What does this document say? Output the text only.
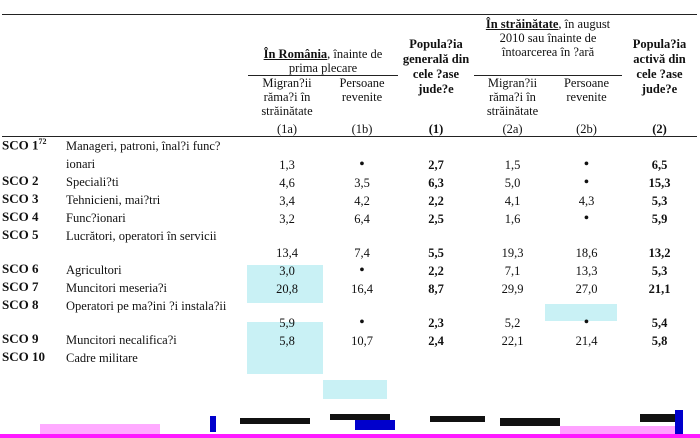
		În România, înainte de prima plecare		Popula?ia generală din cele ?ase jude?e	În străinătate, în august 2010 sau înainte de întoarcerea în ?ară		Popula?ia activă din cele ?ase jude?e
		Migran?ii răma?i în străinătate	Persoane revenite		Migran?ii răma?i în străinătate	Persoane revenite	
		(1a)	(1b)	(1)	(2a)	(2b)	(2)
SCO $1^{72}$	Manageri, patroni, înal?i func?ionari	1,3	•	2,7	1,5	•	6,5
SCO 2	Speciali?ti	4,6	3,5	6,3	5,0	•	15,3
SCO 3	Tehnicieni, mai?tri	3,4	4,2	2,2	4,1	4,3	5,3
SCO 4	Func?ionari	3,2	6,4	2,5	1,6	•	5,9
SCO 5	Lucrători, operatori în servicii	13,4	7,4	5,5	19,3	18,6	13,2
SCO 6	Agricultori	3,0	•	2,2	7,1	13,3	5,3
SCO 7	Muncitori meseria?i	20,8	16,4	8,7	29,9	27,0	21,1
SCO 8	Operatori pe ma?ini ?i instala?ii	5,9	•	2,3	5,2	•	5,4
SCO 9	Muncitori necalifica?i	5,8	10,7	2,4	22,1	21,4	5,8
SCO 10	Cadre militare						
